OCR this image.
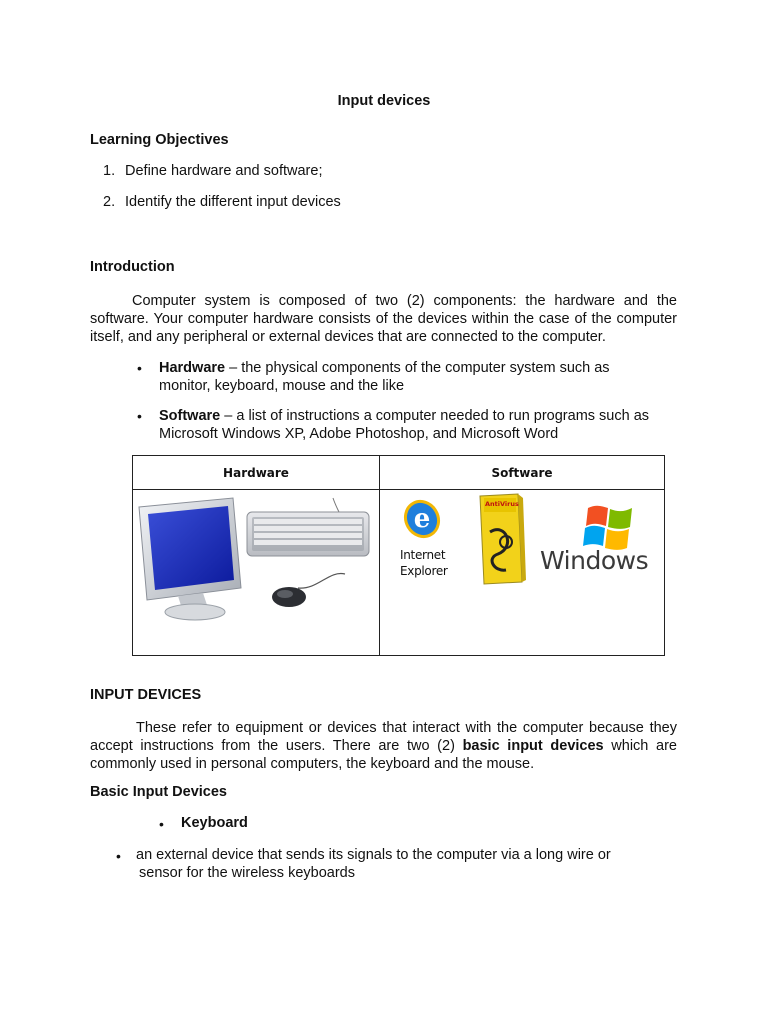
Input devices
Learning Objectives
1. Define hardware and software;
2. Identify the different input devices
Introduction
Computer system is composed of two (2) components: the hardware and the
software. Your computer hardware consists of the devices within the case of the computer
itself, and any peripheral or external devices that are connected to the computer.
• Hardware – the physical components of the computer system such as
monitor, keyboard, mouse and the like
• Software – a list of instructions a computer needed to run programs such as
Microsoft Windows XP, Adobe Photoshop, and Microsoft Word
Hardware	Software

e
Internet
Explorer
AntiVirus
Windows
INPUT DEVICES
These refer to equipment or devices that interact with the computer because they
accept instructions from the users. There are two (2) basic input devices which are
commonly used in personal computers, the keyboard and the mouse.
Basic Input Devices
• Keyboard
• an external device that sends its signals to the computer via a long wire or
sensor for the wireless keyboards
